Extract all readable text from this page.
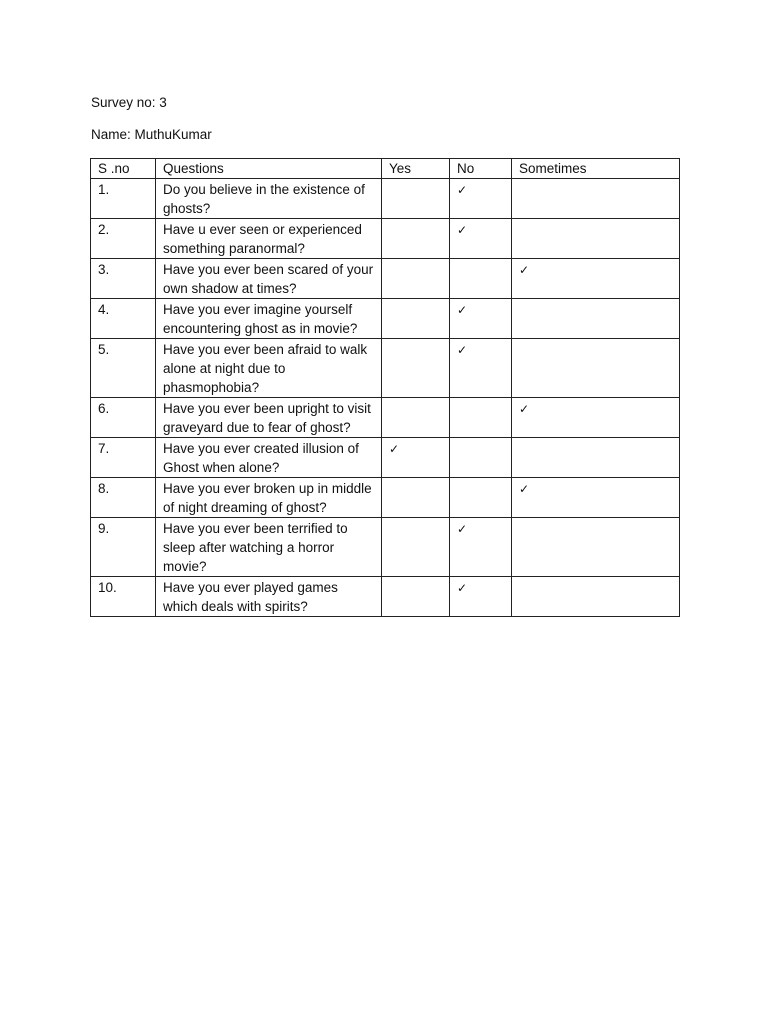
Survey no: 3
Name: MuthuKumar
S .no	Questions	Yes	No	Sometimes
1.	Do you believe in the existence of ghosts?		✓	
2.	Have u ever seen or experienced something paranormal?		✓	
3.	Have you ever been scared of your own shadow at times?			✓
4.	Have you ever imagine yourself encountering ghost as in movie?		✓	
5.	Have you ever been afraid to walk alone at night due to phasmophobia?		✓	
6.	Have you ever been upright to visit graveyard due to fear of ghost?			✓
7.	Have you ever created illusion of Ghost when alone?	✓		
8.	Have you ever broken up in middle of night dreaming of ghost?			✓
9.	Have you ever been terrified to sleep after watching a horror movie?		✓	
10.	Have you ever played games which deals with spirits?		✓	
